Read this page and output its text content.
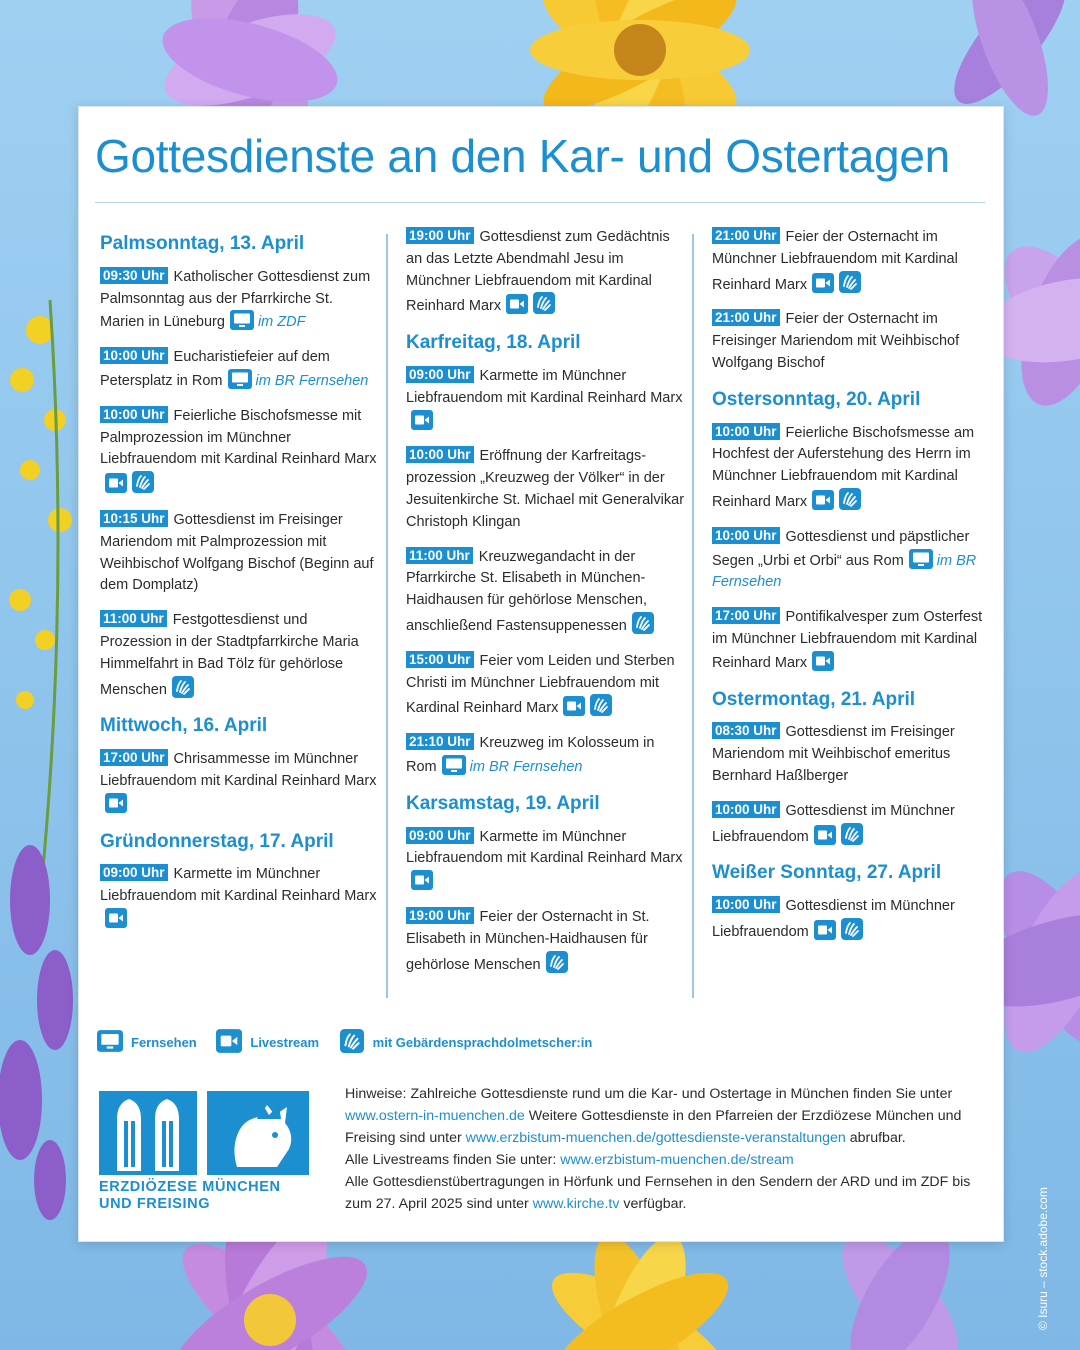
Gottesdienste an den Kar- und Ostertagen
Palmsonntag, 13. April
09:30 Uhr Katholischer Gottesdienst zum Palmsonntag aus der Pfarrkirche St. Marien in Lüneburg im ZDF
10:00 Uhr Eucharistiefeier auf dem Petersplatz in Rom im BR Fernsehen
10:00 Uhr Feierliche Bischofsmesse mit Palmprozession im Münchner Liebfrauendom mit Kardinal Reinhard Marx
10:15 Uhr Gottesdienst im Freisinger Mariendom mit Palmprozession mit Weihbischof Wolfgang Bischof (Beginn auf dem Domplatz)
11:00 Uhr Festgottesdienst und Prozession in der Stadtpfarrkirche Maria Himmelfahrt in Bad Tölz für gehörlose Menschen
Mittwoch, 16. April
17:00 Uhr Chrisammesse im Münchner Liebfrauendom mit Kardinal Reinhard Marx
Gründonnerstag, 17. April
09:00 Uhr Karmette im Münchner Liebfrauendom mit Kardinal Reinhard Marx
19:00 Uhr Gottesdienst zum Gedächtnis an das Letzte Abendmahl Jesu im Münchner Liebfrauendom mit Kardinal Reinhard Marx
Karfreitag, 18. April
09:00 Uhr Karmette im Münchner Liebfrauendom mit Kardinal Reinhard Marx
10:00 Uhr Eröffnung der Karfreitags-prozession „Kreuzweg der Völker“ in der Jesuitenkirche St. Michael mit Generalvikar Christoph Klingan
11:00 Uhr Kreuzwegandacht in der Pfarrkirche St. Elisabeth in München-Haidhausen für gehörlose Menschen, anschließend Fastensuppenessen
15:00 Uhr Feier vom Leiden und Sterben Christi im Münchner Liebfrauendom mit Kardinal Reinhard Marx
21:10 Uhr Kreuzweg im Kolosseum in Rom im BR Fernsehen
Karsamstag, 19. April
09:00 Uhr Karmette im Münchner Liebfrauendom mit Kardinal Reinhard Marx
19:00 Uhr Feier der Osternacht in St. Elisabeth in München-Haidhausen für gehörlose Menschen
21:00 Uhr Feier der Osternacht im Münchner Liebfrauendom mit Kardinal Reinhard Marx
21:00 Uhr Feier der Osternacht im Freisinger Mariendom mit Weihbischof Wolfgang Bischof
Ostersonntag, 20. April
10:00 Uhr Feierliche Bischofsmesse am Hochfest der Auferstehung des Herrn im Münchner Liebfrauendom mit Kardinal Reinhard Marx
10:00 Uhr Gottesdienst und päpstlicher Segen „Urbi et Orbi“ aus Rom im BR Fernsehen
17:00 Uhr Pontifikalvesper zum Osterfest im Münchner Liebfrauendom mit Kardinal Reinhard Marx
Ostermontag, 21. April
08:30 Uhr Gottesdienst im Freisinger Mariendom mit Weihbischof emeritus Bernhard Haßlberger
10:00 Uhr Gottesdienst im Münchner Liebfrauendom
Weißer Sonntag, 27. April
10:00 Uhr Gottesdienst im Münchner Liebfrauendom
Fernsehen	Livestream	mit Gebärdensprachdolmetscher:in
ERZDIÖZESE MÜNCHEN
UND FREISING
Hinweise: Zahlreiche Gottesdienste rund um die Kar- und Ostertage in München finden Sie unter www.ostern-in-muenchen.de Weitere Gottesdienste in den Pfarreien der Erzdiözese München und Freising sind unter www.erzbistum-muenchen.de/gottesdienste-veranstaltungen abrufbar.
Alle Livestreams finden Sie unter: www.erzbistum-muenchen.de/stream
Alle Gottesdienstübertragungen in Hörfunk und Fernsehen in den Sendern der ARD und im ZDF bis zum 27. April 2025 sind unter www.kirche.tv verfügbar.	© Isuru – stock.adobe.com
